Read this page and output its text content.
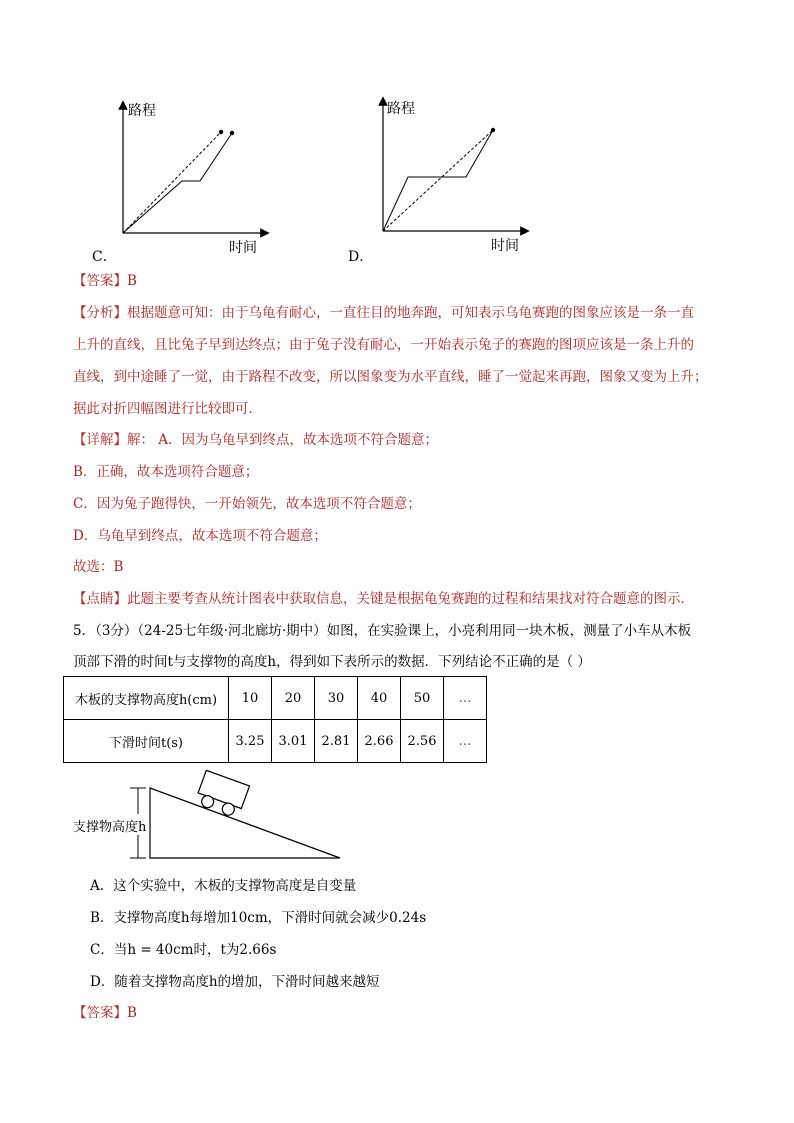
路程
时间
C．
路程
时间
D．
【答案】B
【分析】根据题意可知：由于乌龟有耐心，一直往目的地奔跑，可知表示乌龟赛跑的图象应该是一条一直
上升的直线，且比兔子早到达终点；由于兔子没有耐心，一开始表示兔子的赛跑的图项应该是一条上升的
直线，到中途睡了一觉，由于路程不改变，所以图象变为水平直线，睡了一觉起来再跑，图象又变为上升；
据此对折四幅图进行比较即可．
【详解】解： A．因为乌龟早到终点，故本选项不符合题意；
B．正确，故本选项符合题意；
C．因为兔子跑得快，一开始领先，故本选项不符合题意；
D．乌龟早到终点，故本选项不符合题意；
故选：B
【点睛】此题主要考查从统计图表中获取信息，关键是根据龟兔赛跑的过程和结果找对符合题意的图示．
5．（3分）（24-25七年级·河北廊坊·期中）如图，在实验课上，小亮利用同一块木板，测量了小车从木板
顶部下滑的时间t与支撑物的高度h，得到如下表所示的数据．下列结论不正确的是（ ）
木板的支撑物高度h(cm)	10	20	30	40	50	…
下滑时间t(s)	3.25	3.01	2.81	2.66	2.56	…
支撑物高度h
A．这个实验中，木板的支撑物高度是自变量
B．支撑物高度h每增加10cm，下滑时间就会减少0.24s
C．当h = 40cm时，t为2.66s
D．随着支撑物高度h的增加，下滑时间越来越短
【答案】B
